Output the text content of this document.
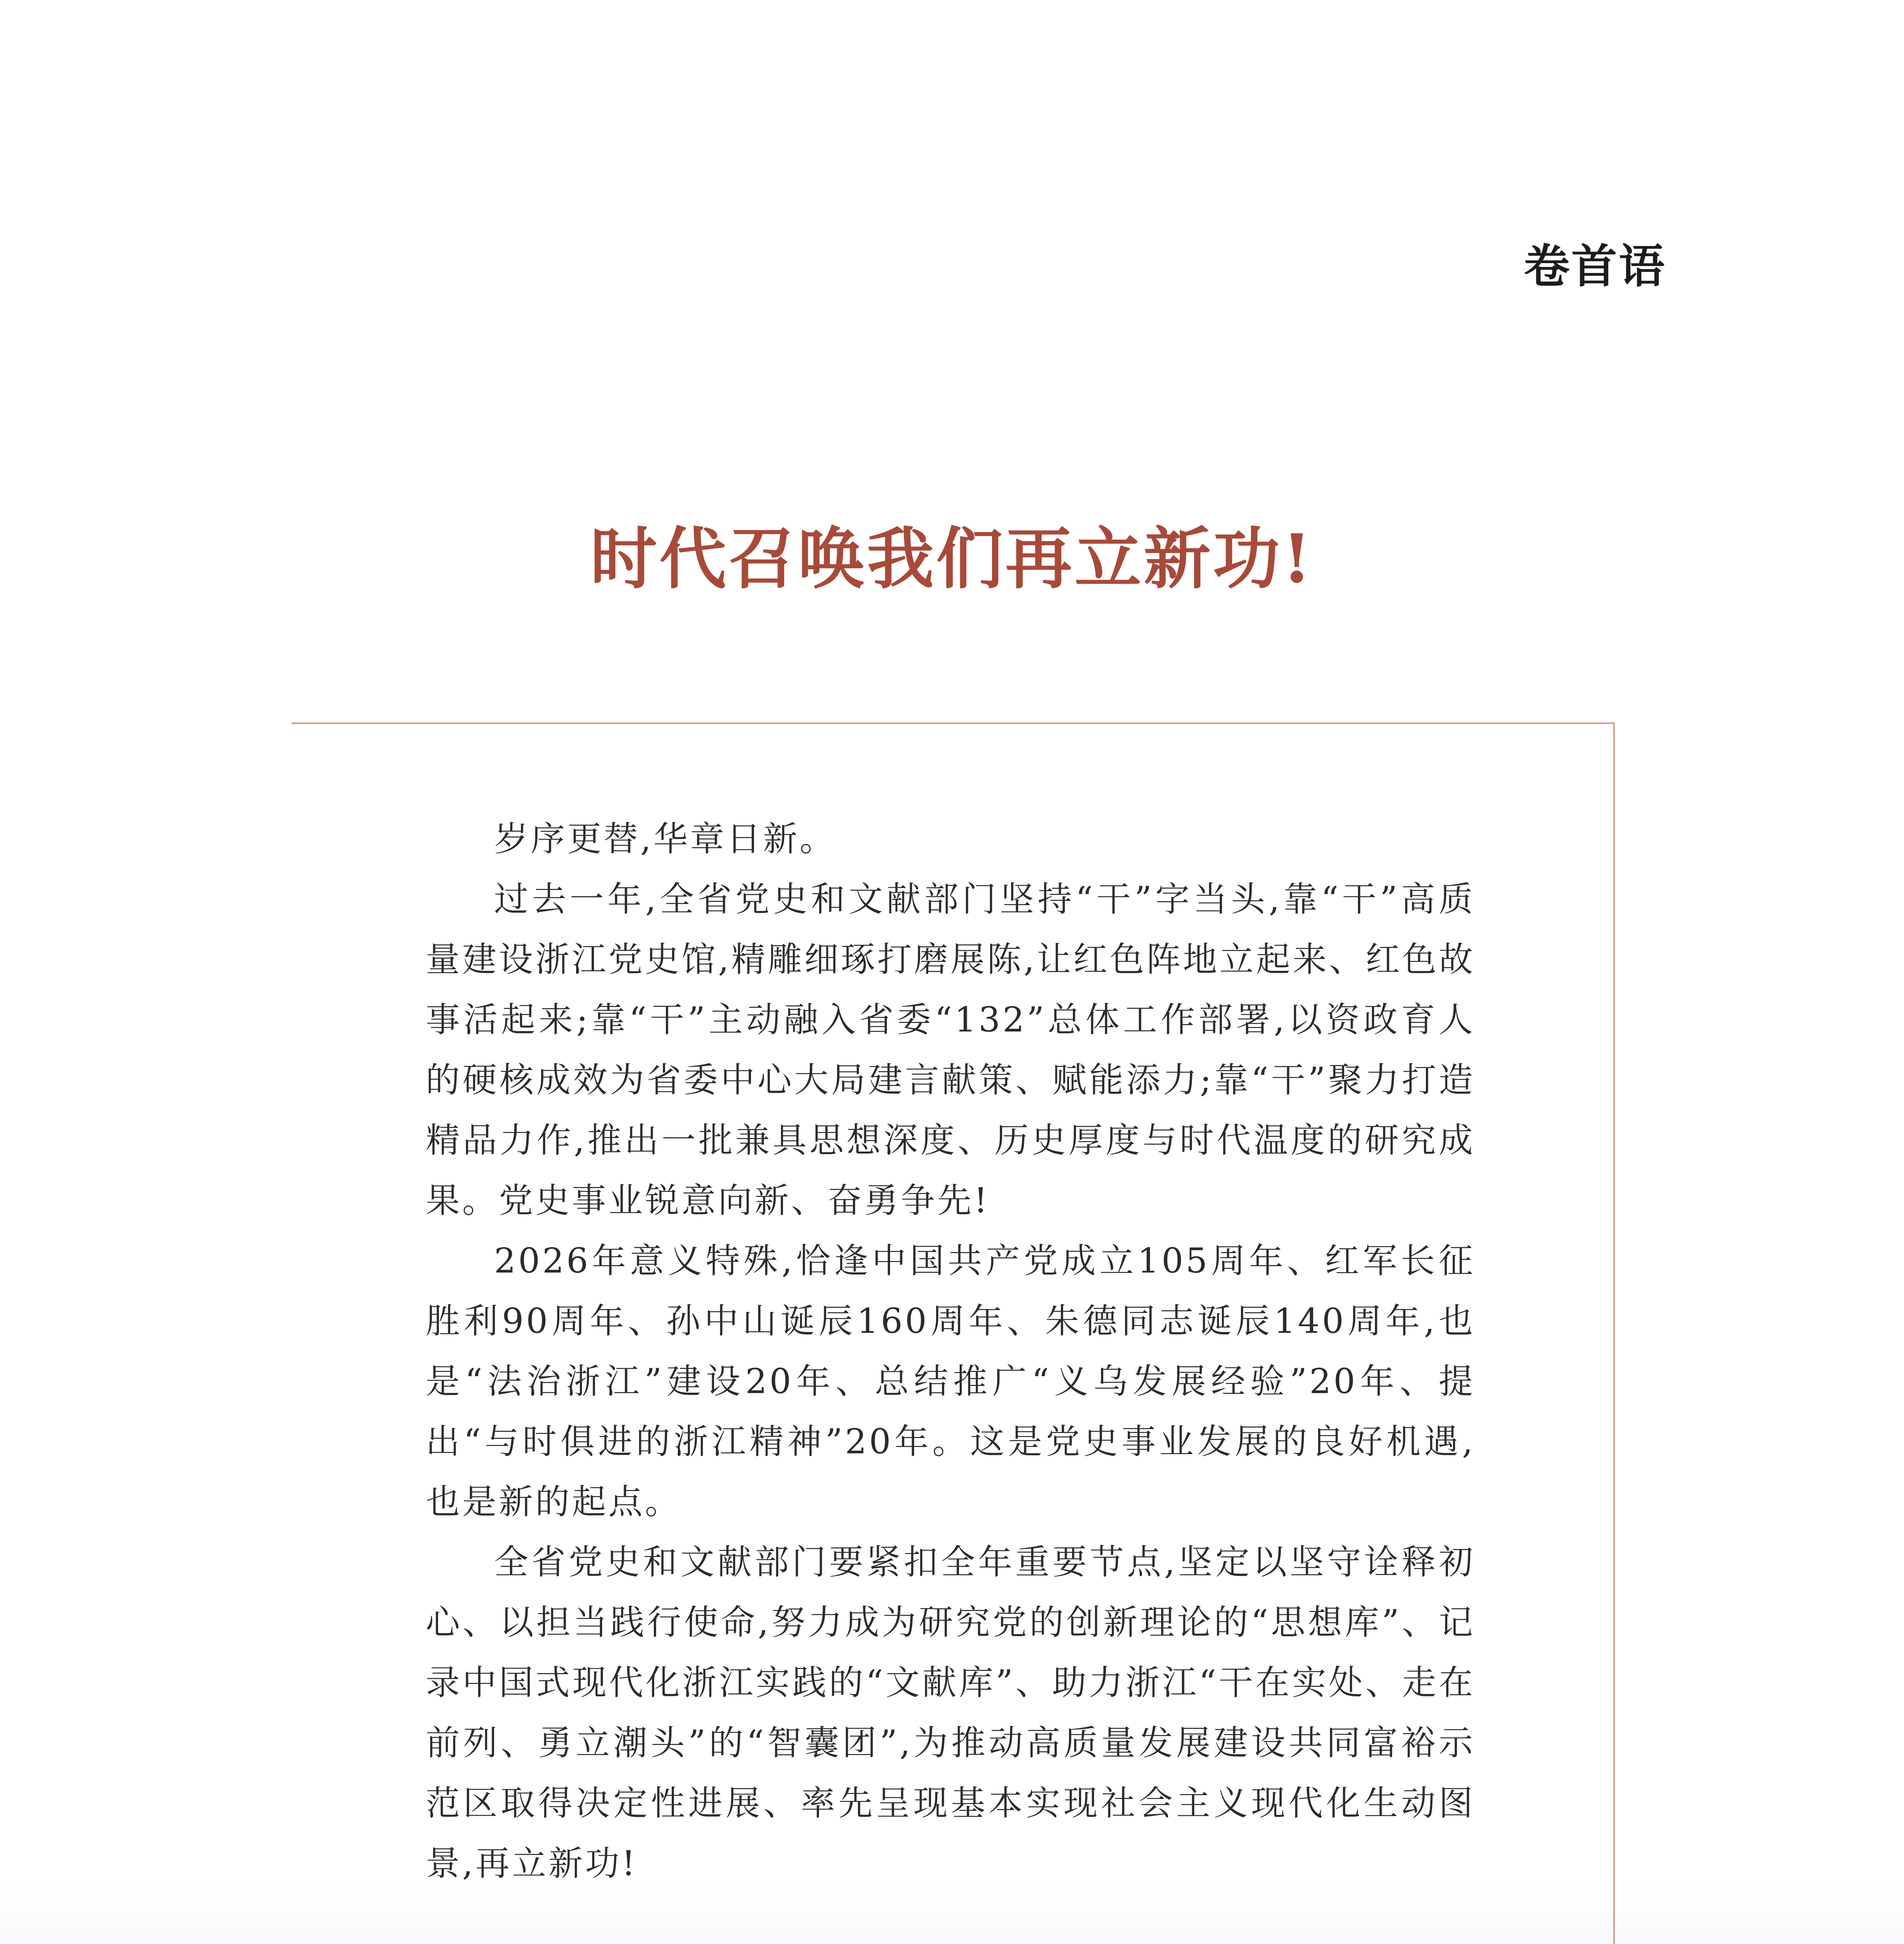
卷首语
时代召唤我们再立新功!

岁序更替,华章日新。

过去一年,全省党史和文献部门坚持“干”字当头,靠“干”高质量建设浙江党史馆,精雕细琢打磨展陈,让红色阵地立起来、红色故事活起来;靠“干”主动融入省委“132”总体工作部署,以资政育人的硬核成效为省委中心大局建言献策、赋能添力;靠“干”聚力打造精品力作,推出一批兼具思想深度、历史厚度与时代温度的研究成果。党史事业锐意向新、奋勇争先!

2026年意义特殊,恰逢中国共产党成立105周年、红军长征胜利90周年、孙中山诞辰160周年、朱德同志诞辰140周年,也是“法治浙江”建设20年、总结推广“义乌发展经验”20年、提出“与时俱进的浙江精神”20年。这是党史事业发展的良好机遇,也是新的起点。

全省党史和文献部门要紧扣全年重要节点,坚定以坚守诠释初心、以担当践行使命,努力成为研究党的创新理论的“思想库”、记录中国式现代化浙江实践的“文献库”、助力浙江“干在实处、走在前列、勇立潮头”的“智囊团”,为推动高质量发展建设共同富裕示范区取得决定性进展、率先呈现基本实现社会主义现代化生动图景,再立新功!
